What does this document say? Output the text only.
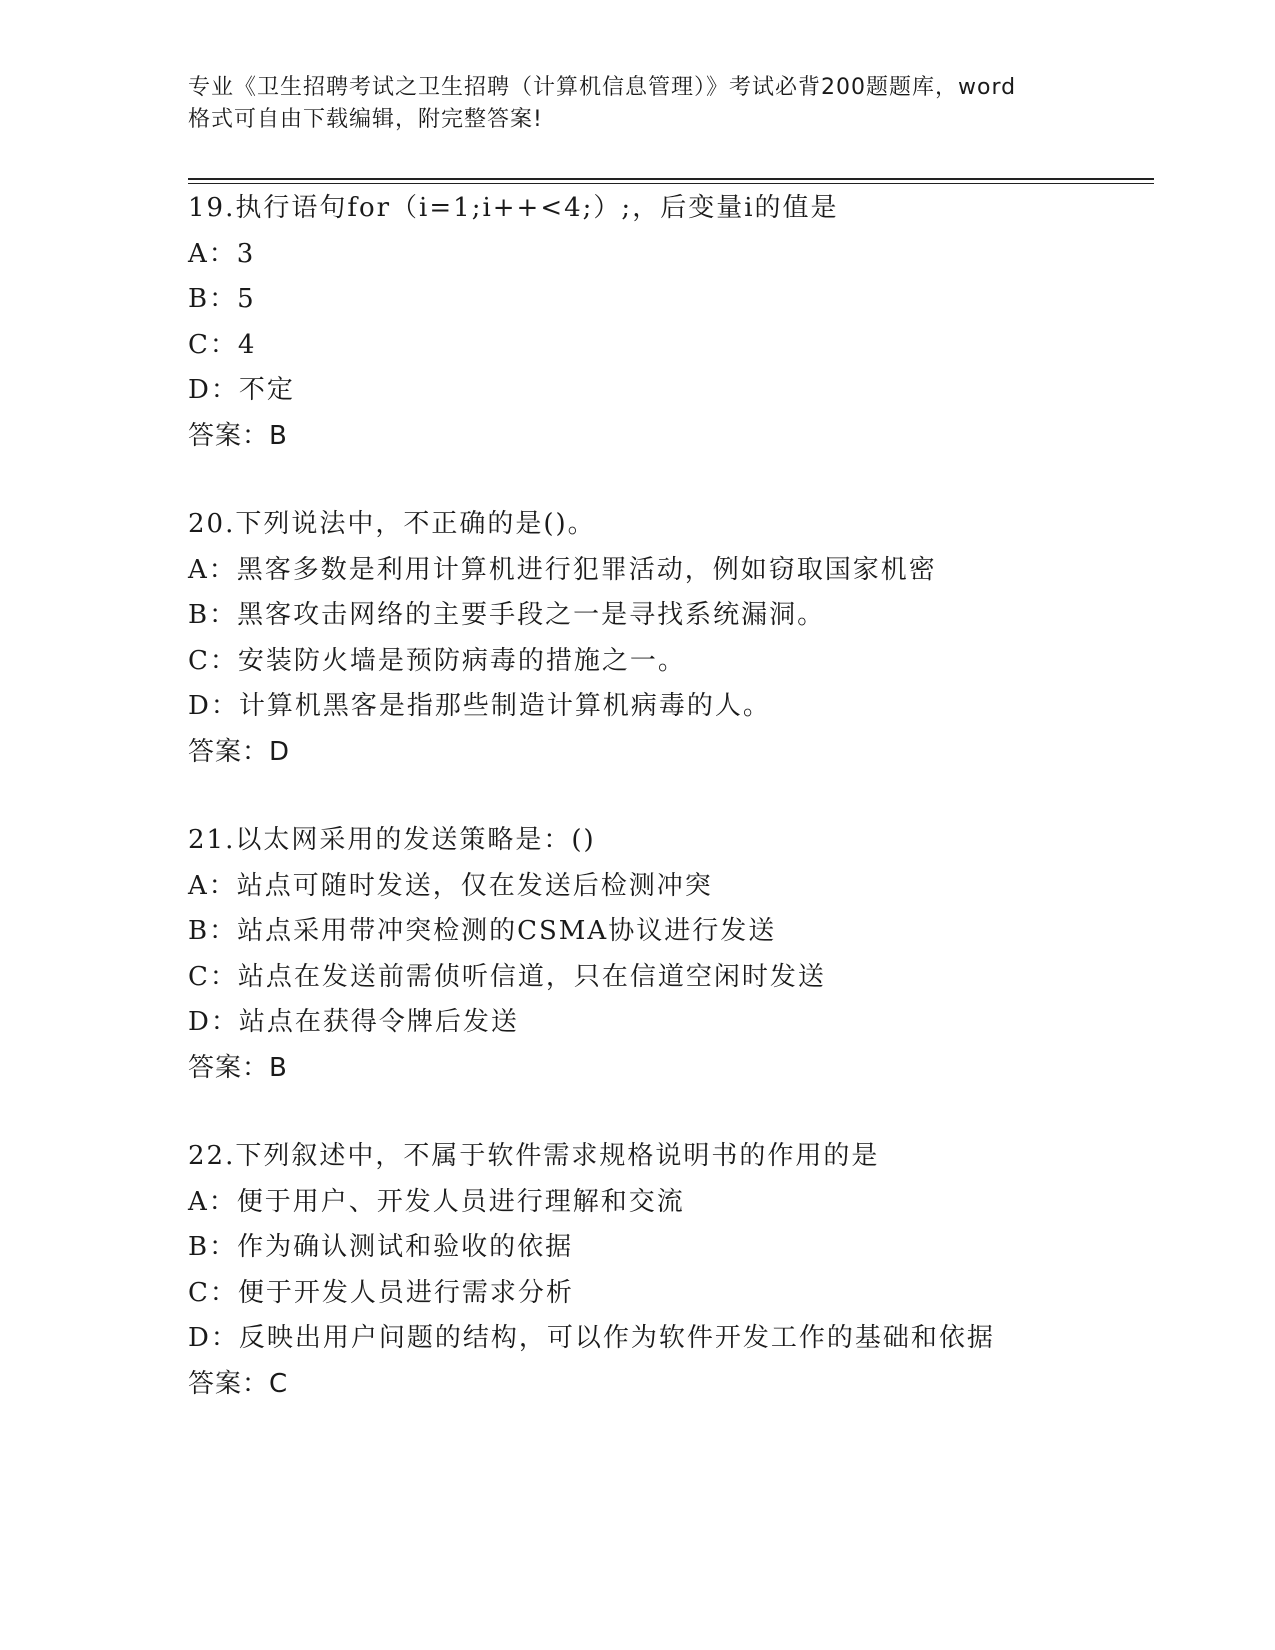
专业《卫生招聘考试之卫生招聘（计算机信息管理）》考试必背200题题库，word
格式可自由下载编辑，附完整答案!
19.执行语句for（i=1;i++<4;）;，后变量i的值是
A：3
B：5
C：4
D：不定
答案：B
20.下列说法中，不正确的是()。
A：黑客多数是利用计算机进行犯罪活动，例如窃取国家机密
B：黑客攻击网络的主要手段之一是寻找系统漏洞。
C：安装防火墙是预防病毒的措施之一。
D：计算机黑客是指那些制造计算机病毒的人。
答案：D
21.以太网采用的发送策略是：()
A：站点可随时发送，仅在发送后检测冲突
B：站点采用带冲突检测的CSMA协议进行发送
C：站点在发送前需侦听信道，只在信道空闲时发送
D：站点在获得令牌后发送
答案：B
22.下列叙述中，不属于软件需求规格说明书的作用的是
A：便于用户、开发人员进行理解和交流
B：作为确认测试和验收的依据
C：便于开发人员进行需求分析
D：反映出用户问题的结构，可以作为软件开发工作的基础和依据
答案：C
